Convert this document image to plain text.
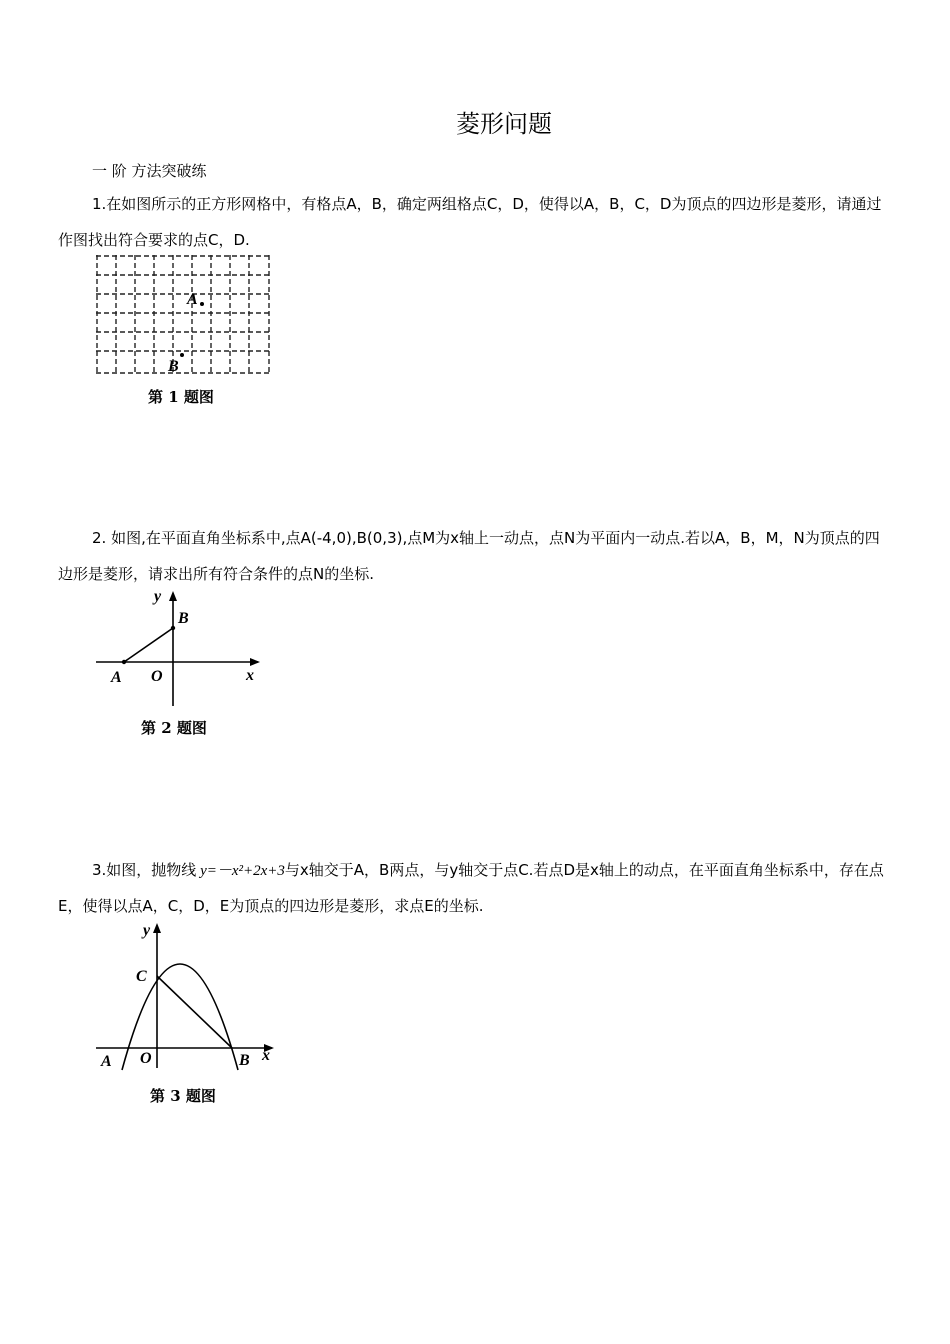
菱形问题
一 阶 方法突破练
1.在如图所示的正方形网格中，有格点A，B，确定两组格点C，D，使得以A，B，C，D为顶点的四边形是菱形，请通过作图找出符合要求的点C，D.
A
B
第 1 题图
2. 如图,在平面直角坐标系中,点A(-4,0),B(0,3),点M为x轴上一动点，点N为平面内一动点.若以A，B，M，N为顶点的四边形是菱形，请求出所有符合条件的点N的坐标.
y
B
A O	x
第 2 题图
3.如图，抛物线 y=－x²+2x+3与x轴交于A，B两点，与y轴交于点C.若点D是x轴上的动点，在平面直角坐标系中，存在点E，使得以点A，C，D，E为顶点的四边形是菱形，求点E的坐标.
y
C
A O	B x
第 3 题图
